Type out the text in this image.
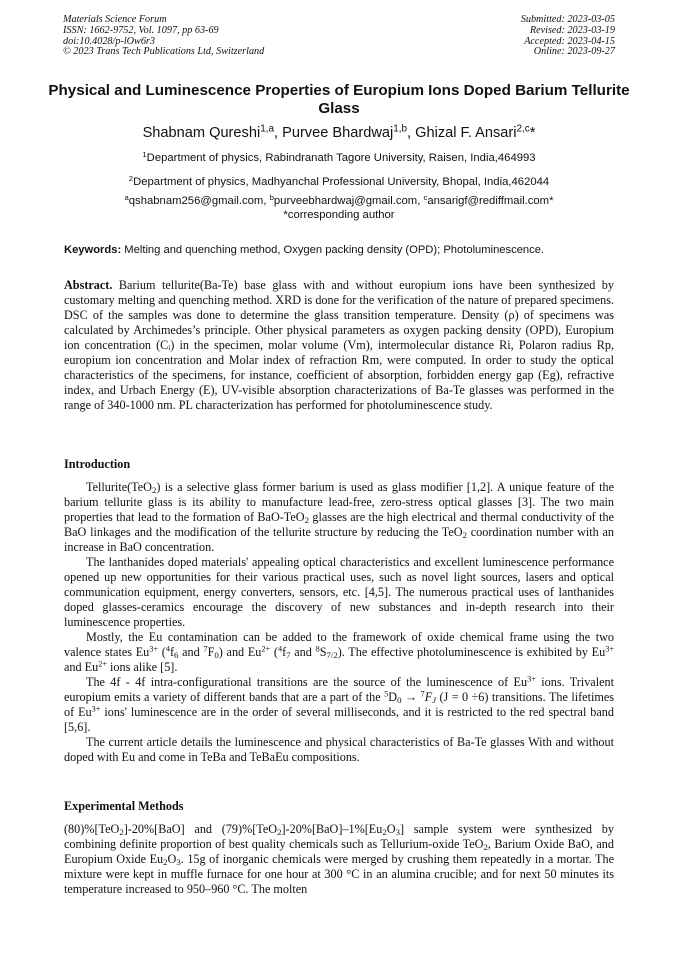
Materials Science Forum
ISSN: 1662-9752, Vol. 1097, pp 63-69
doi:10.4028/p-lOw6r3
© 2023 Trans Tech Publications Ltd, Switzerland
Submitted: 2023-03-05
Revised: 2023-03-19
Accepted: 2023-04-15
Online: 2023-09-27
Physical and Luminescence Properties of Europium Ions Doped Barium Tellurite Glass
Shabnam Qureshi$^{1,a}$, Purvee Bhardwaj$^{1,b}$, Ghizal F. Ansari$^{2,c}$*
$^1$Department of physics, Rabindranath Tagore University, Raisen, India,464993
$^2$Department of physics, Madhyanchal Professional University, Bhopal, India,462044
$^a$qshabnam256@gmail.com, $^b$purveebhardwaj@gmail.com, $^c$ansarigf@rediffmail.com*
*corresponding author
Keywords: Melting and quenching method, Oxygen packing density (OPD); Photoluminescence.

Abstract. Barium tellurite(Ba-Te) base glass with and without europium ions have been synthesized by customary melting and quenching method. XRD is done for the verification of the nature of prepared specimens. DSC of the samples was done to determine the glass transition temperature. Density (ρ) of specimens was calculated by Archimedes’s principle. Other physical parameters as oxygen packing density (OPD), Europium ion concentration (Cᵢ) in the specimen, molar volume (Vm), intermolecular distance Ri, Polaron radius Rp, europium ion concentration and Molar index of refraction Rm, were computed. In order to study the optical characteristics of the specimens, for instance, coefficient of absorption, forbidden energy gap (Eg), refractive index, and Urbach Energy (E), UV-visible absorption characterizations of Ba-Te glasses was performed in the range of 340-1000 nm. PL characterization has performed for photoluminescence study.

Introduction

Tellurite(TeO$_2$) is a selective glass former barium is used as glass modifier [1,2]. A unique feature of the barium tellurite glass is its ability to manufacture lead-free, zero-stress optical glasses [3]. The two main properties that lead to the formation of BaO-TeO$_2$ glasses are the high electrical and thermal conductivity of the BaO linkages and the modification of the tellurite structure by reducing the TeO$_2$ coordination number with an increase in BaO concentration.

The lanthanides doped materials' appealing optical characteristics and excellent luminescence performance opened up new opportunities for their various practical uses, such as novel light sources, lasers and optical communication equipment, energy converters, sensors, etc. [4,5]. The numerous practical uses of lanthanides doped glasses-ceramics encourage the discovery of new substances and in-depth research into their luminescence properties.

Mostly, the Eu contamination can be added to the framework of oxide chemical frame using the two valence states $Eu^{3+}$ ($^4f_6$ and $^7F_0$) and $Eu^{2+}$ ($^4f_7$ and $^8S_{7/2}$). The effective photoluminescence is exhibited by $Eu^{3+}$ and $Eu^{2+}$ ions alike [5].

The 4f - 4f intra-configurational transitions are the source of the luminescence of $Eu^{3+}$ ions. Trivalent europium emits a variety of different bands that are a part of the $^5D_0 \to ^7F_J$ (J = 0 ÷6) transitions. The lifetimes of $Eu^{3+}$ ions' luminescence are in the order of several milliseconds, and it is restricted to the red spectral band [5,6].

The current article details the luminescence and physical characteristics of Ba-Te glasses With and without doped with Eu and come in TeBa and TeBaEu compositions.

Experimental Methods

(80)%[TeO$_2$]-20%[BaO] and $(79)\%[TeO_2]-20\%[BaO]-1\%[Eu_2O_3]$ sample system were synthesized by combining definite proportion of best quality chemicals such as Tellurium-oxide TeO$_2$, Barium Oxide BaO, and Europium Oxide $Eu_2O_3$. 15g of inorganic chemicals were merged by crushing them repeatedly in a mortar. The mixture were kept in muffle furnace for one hour at 300 °C in an alumina crucible; and for next 50 minutes its temperature increased to 950–960 °C. The molten
